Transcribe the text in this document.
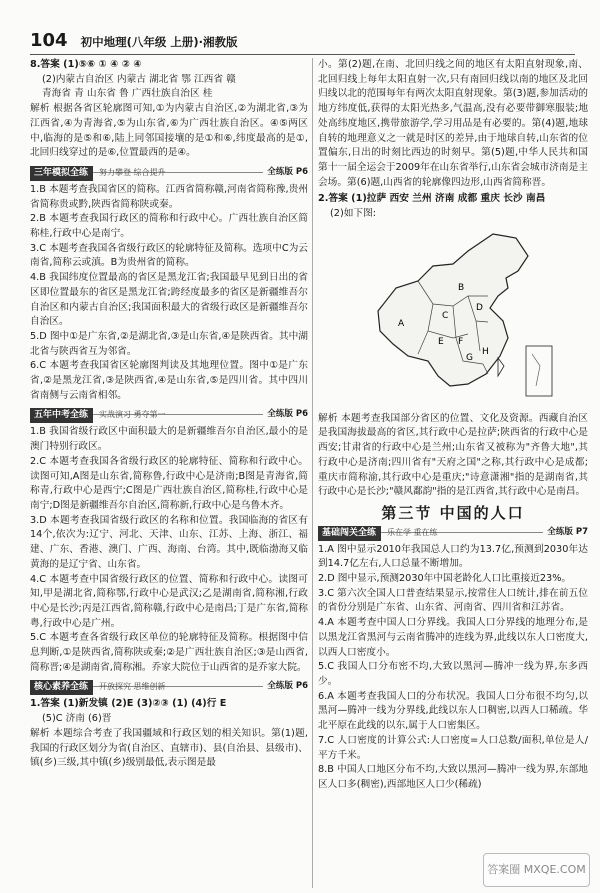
104 初中地理(八年级 上册)·湘教版

8.答案 (1)⑤⑥ ① ④ ② ④

(2)内蒙古自治区 内蒙古 湖北省 鄂 江西省 赣

青海省 青 山东省 鲁 广西壮族自治区 桂

解析 根据各省区轮廓图可知,①为内蒙古自治区,②为湖北省,③为江西省,④为青海省,⑤为山东省,⑥为广西壮族自治区。④⑤两区中,临海的是⑤和⑥,陆上同邻国接壤的是①和⑥,纬度最高的是①,北回归线穿过的是⑥,位置最西的是④。

三年模拟全练 努力攀登 综合提升	全练版 P6

1.B 本题考查我国省区的简称。江西省简称赣,河南省简称豫,贵州省简称贵或黔,陕西省简称陕或秦。

2.B 本题考查我国行政区的简称和行政中心。广西壮族自治区简称桂,行政中心是南宁。

3.C 本题考查我国各省级行政区的轮廓特征及简称。选项中C为云南省,简称云或滇。B为贵州省的简称。

4.B 我国纬度位置最高的省区是黑龙江省;我国最早见到日出的省区即位置最东的省区是黑龙江省;跨经度最多的省区是新疆维吾尔自治区和内蒙古自治区;我国面积最大的省级行政区是新疆维吾尔自治区。

5.D 图中①是广东省,②是湖北省,③是山东省,④是陕西省。其中湖北省与陕西省互为邻省。

6.C 本题考查我国省区轮廓图判读及其地理位置。图中①是广东省,②是黑龙江省,③是陕西省,④是山东省,⑤是四川省。其中四川省南侧与云南省相邻。

五年中考全练 实战演习 勇夺第一	全练版 P6

1.B 我国省级行政区中面积最大的是新疆维吾尔自治区,最小的是澳门特别行政区。

2.C 本题考查我国各省级行政区的轮廓特征、简称和行政中心。读图可知,A图是山东省,简称鲁,行政中心是济南;B图是青海省,简称青,行政中心是西宁;C图是广西壮族自治区,简称桂,行政中心是南宁;D图是新疆维吾尔自治区,简称新,行政中心是乌鲁木齐。

3.D 本题考查我国省级行政区的名称和位置。我国临海的省区有14个,依次为:辽宁、河北、天津、山东、江苏、上海、浙江、福建、广东、香港、澳门、广西、海南、台湾。其中,既临渤海又临黄海的是辽宁省、山东省。

4.C 本题考查中国省级行政区的位置、简称和行政中心。读图可知,甲是湖北省,简称鄂,行政中心是武汉;乙是湖南省,简称湘,行政中心是长沙;丙是江西省,简称赣,行政中心是南昌;丁是广东省,简称粤,行政中心是广州。

5.C 本题考查各省级行政区单位的轮廓特征及简称。根据图中信息判断,①是陕西省,简称陕或秦;②是广西壮族自治区;③是山西省,简称晋;④是湖南省,简称湘。乔家大院位于山西省的是乔家大院。

核心素养全练 开放探究 思维创新	全练版 P6

1.答案 (1)新发镇 (2)E (3)②③ (1) (4)行 E

(5)C 济南 (6)晋

解析 本题综合考查了我国疆域和行政区划的相关知识。第(1)题,我国的行政区划分为省(自治区、直辖市)、县(自治县、县级市)、镇(乡)三级,其中镇(乡)级别最低,表示图是最

小。第(2)题,在南、北回归线之间的地区有太阳直射现象,南、北回归线上每年太阳直射一次,只有南回归线以南的地区及北回归线以北的范围每年有两次太阳直射现象。第(3)题,参加活动的地方纬度低,获得的太阳光热多,气温高,没有必要带御寒服装;地处高纬度地区,携带旅游学,学习用品是有必要的。第(4)题,地球自转的地理意义之一就是时区的差异,由于地球自转,山东省的位置偏东,日出的时刻比西边的时刻早。第(5)题,中华人民共和国第十一届全运会于2009年在山东省举行,山东省会城市济南是主会场。第(6)题,山西省的轮廓像四边形,山西省简称晋。

2.答案 (1)拉萨 西安 兰州 济南 成都 重庆 长沙 南昌

(2)如下图:

A
B
C
D
E F
G
H

解析 本题考查我国部分省区的位置、文化及资源。西藏自治区是我国海拔最高的省区,其行政中心是拉萨;陕西省的行政中心是西安;甘肃省的行政中心是兰州;山东省又被称为"齐鲁大地",其行政中心是济南;四川省有"天府之国"之称,其行政中心是成都;重庆市简称渝,其行政中心是重庆;"诗意潇湘"指的是湖南省,其行政中心是长沙;"赣风鄱韵"指的是江西省,其行政中心是南昌。

第三节 中国的人口
基础闯关全练 乐在学 重在练	全练版 P7

1.A 图中显示2010年我国总人口约为13.7亿,预测到2030年达到14.7亿左右,人口总量不断增加。

2.D 图中显示,预测2030年中国老龄化人口比重接近23%。

3.C 第六次全国人口普查结果显示,按常住人口统计,排在前五位的省份分别是广东省、山东省、河南省、四川省和江苏省。

4.A 本题考查中国人口分界线。我国人口分界线的地理分布,是以黑龙江省黑河与云南省腾冲的连线为界,此线以东人口密度大,以西人口密度小。

5.C 我国人口分布密不均,大致以黑河—腾冲一线为界,东多西少。

6.A 本题考查我国人口的分布状况。我国人口分布很不均匀,以黑河—腾冲一线为分界线,此线以东人口稠密,以西人口稀疏。华北平原在此线的以东,属于人口密集区。

7.C 人口密度的计算公式:人口密度=人口总数/面积,单位是人/平方千米。

8.B 中国人口地区分布不均,大致以黑河—腾冲一线为界,东部地区人口多(稠密),西部地区人口少(稀疏)

答案圈 MXQE.COM
